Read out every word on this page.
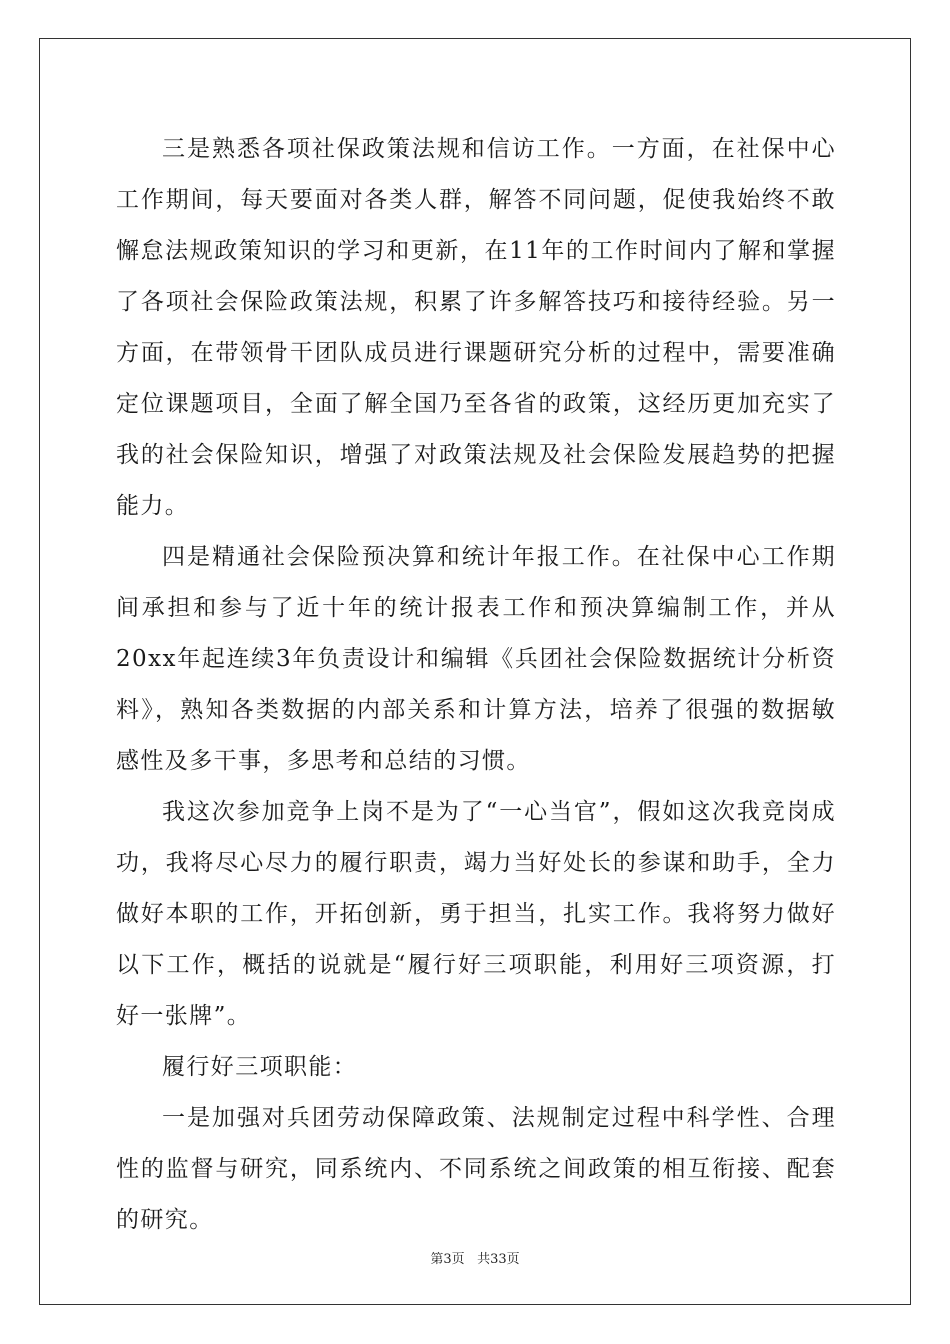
三是熟悉各项社保政策法规和信访工作。一方面，在社保中心工作期间，每天要面对各类人群，解答不同问题，促使我始终不敢懈怠法规政策知识的学习和更新，在11年的工作时间内了解和掌握了各项社会保险政策法规，积累了许多解答技巧和接待经验。另一方面，在带领骨干团队成员进行课题研究分析的过程中，需要准确定位课题项目，全面了解全国乃至各省的政策，这经历更加充实了我的社会保险知识，增强了对政策法规及社会保险发展趋势的把握能力。

四是精通社会保险预决算和统计年报工作。在社保中心工作期间承担和参与了近十年的统计报表工作和预决算编制工作，并从20xx年起连续3年负责设计和编辑《兵团社会保险数据统计分析资料》，熟知各类数据的内部关系和计算方法，培养了很强的数据敏感性及多干事，多思考和总结的习惯。

我这次参加竞争上岗不是为了“一心当官”，假如这次我竞岗成功，我将尽心尽力的履行职责，竭力当好处长的参谋和助手，全力做好本职的工作，开拓创新，勇于担当，扎实工作。我将努力做好以下工作，概括的说就是“履行好三项职能，利用好三项资源，打好一张牌”。

履行好三项职能：

一是加强对兵团劳动保障政策、法规制定过程中科学性、合理性的监督与研究，同系统内、不同系统之间政策的相互衔接、配套的研究。

第3页 共33页
